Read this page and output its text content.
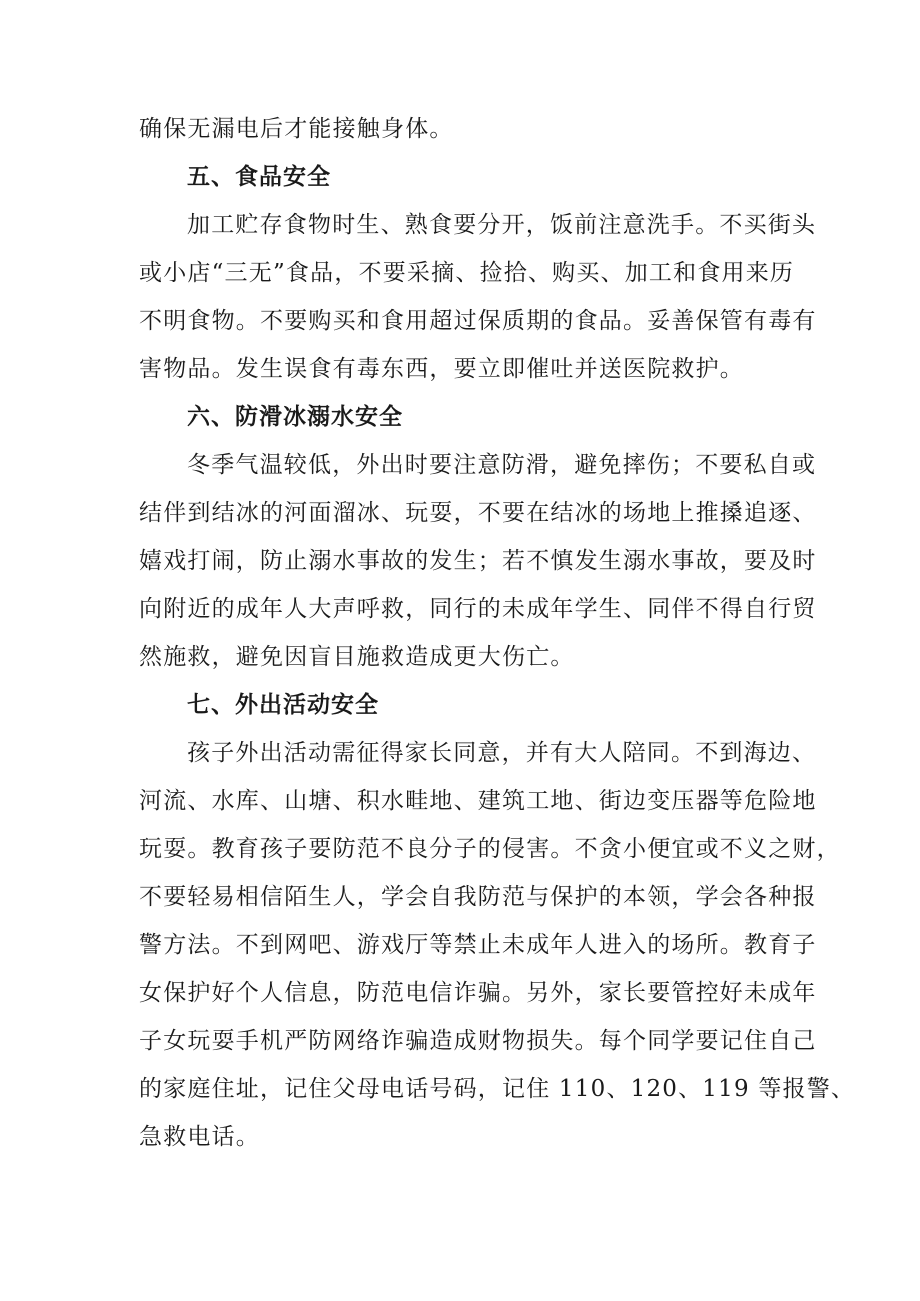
确保无漏电后才能接触身体。
五、食品安全
加工贮存食物时生、熟食要分开，饭前注意洗手。不买街头
或小店“三无”食品，不要采摘、捡拾、购买、加工和食用来历
不明食物。不要购买和食用超过保质期的食品。妥善保管有毒有
害物品。发生误食有毒东西，要立即催吐并送医院救护。
六、防滑冰溺水安全
冬季气温较低，外出时要注意防滑，避免摔伤；不要私自或
结伴到结冰的河面溜冰、玩耍，不要在结冰的场地上推搡追逐、
嬉戏打闹，防止溺水事故的发生；若不慎发生溺水事故，要及时
向附近的成年人大声呼救，同行的未成年学生、同伴不得自行贸
然施救，避免因盲目施救造成更大伤亡。
七、外出活动安全
孩子外出活动需征得家长同意，并有大人陪同。不到海边、
河流、水库、山塘、积水畦地、建筑工地、街边变压器等危险地
玩耍。教育孩子要防范不良分子的侵害。不贪小便宜或不义之财，
不要轻易相信陌生人，学会自我防范与保护的本领，学会各种报
警方法。不到网吧、游戏厅等禁止未成年人进入的场所。教育子
女保护好个人信息，防范电信诈骗。另外，家长要管控好未成年
子女玩耍手机严防网络诈骗造成财物损失。每个同学要记住自己
的家庭住址，记住父母电话号码，记住 110、120、119 等报警、
急救电话。
